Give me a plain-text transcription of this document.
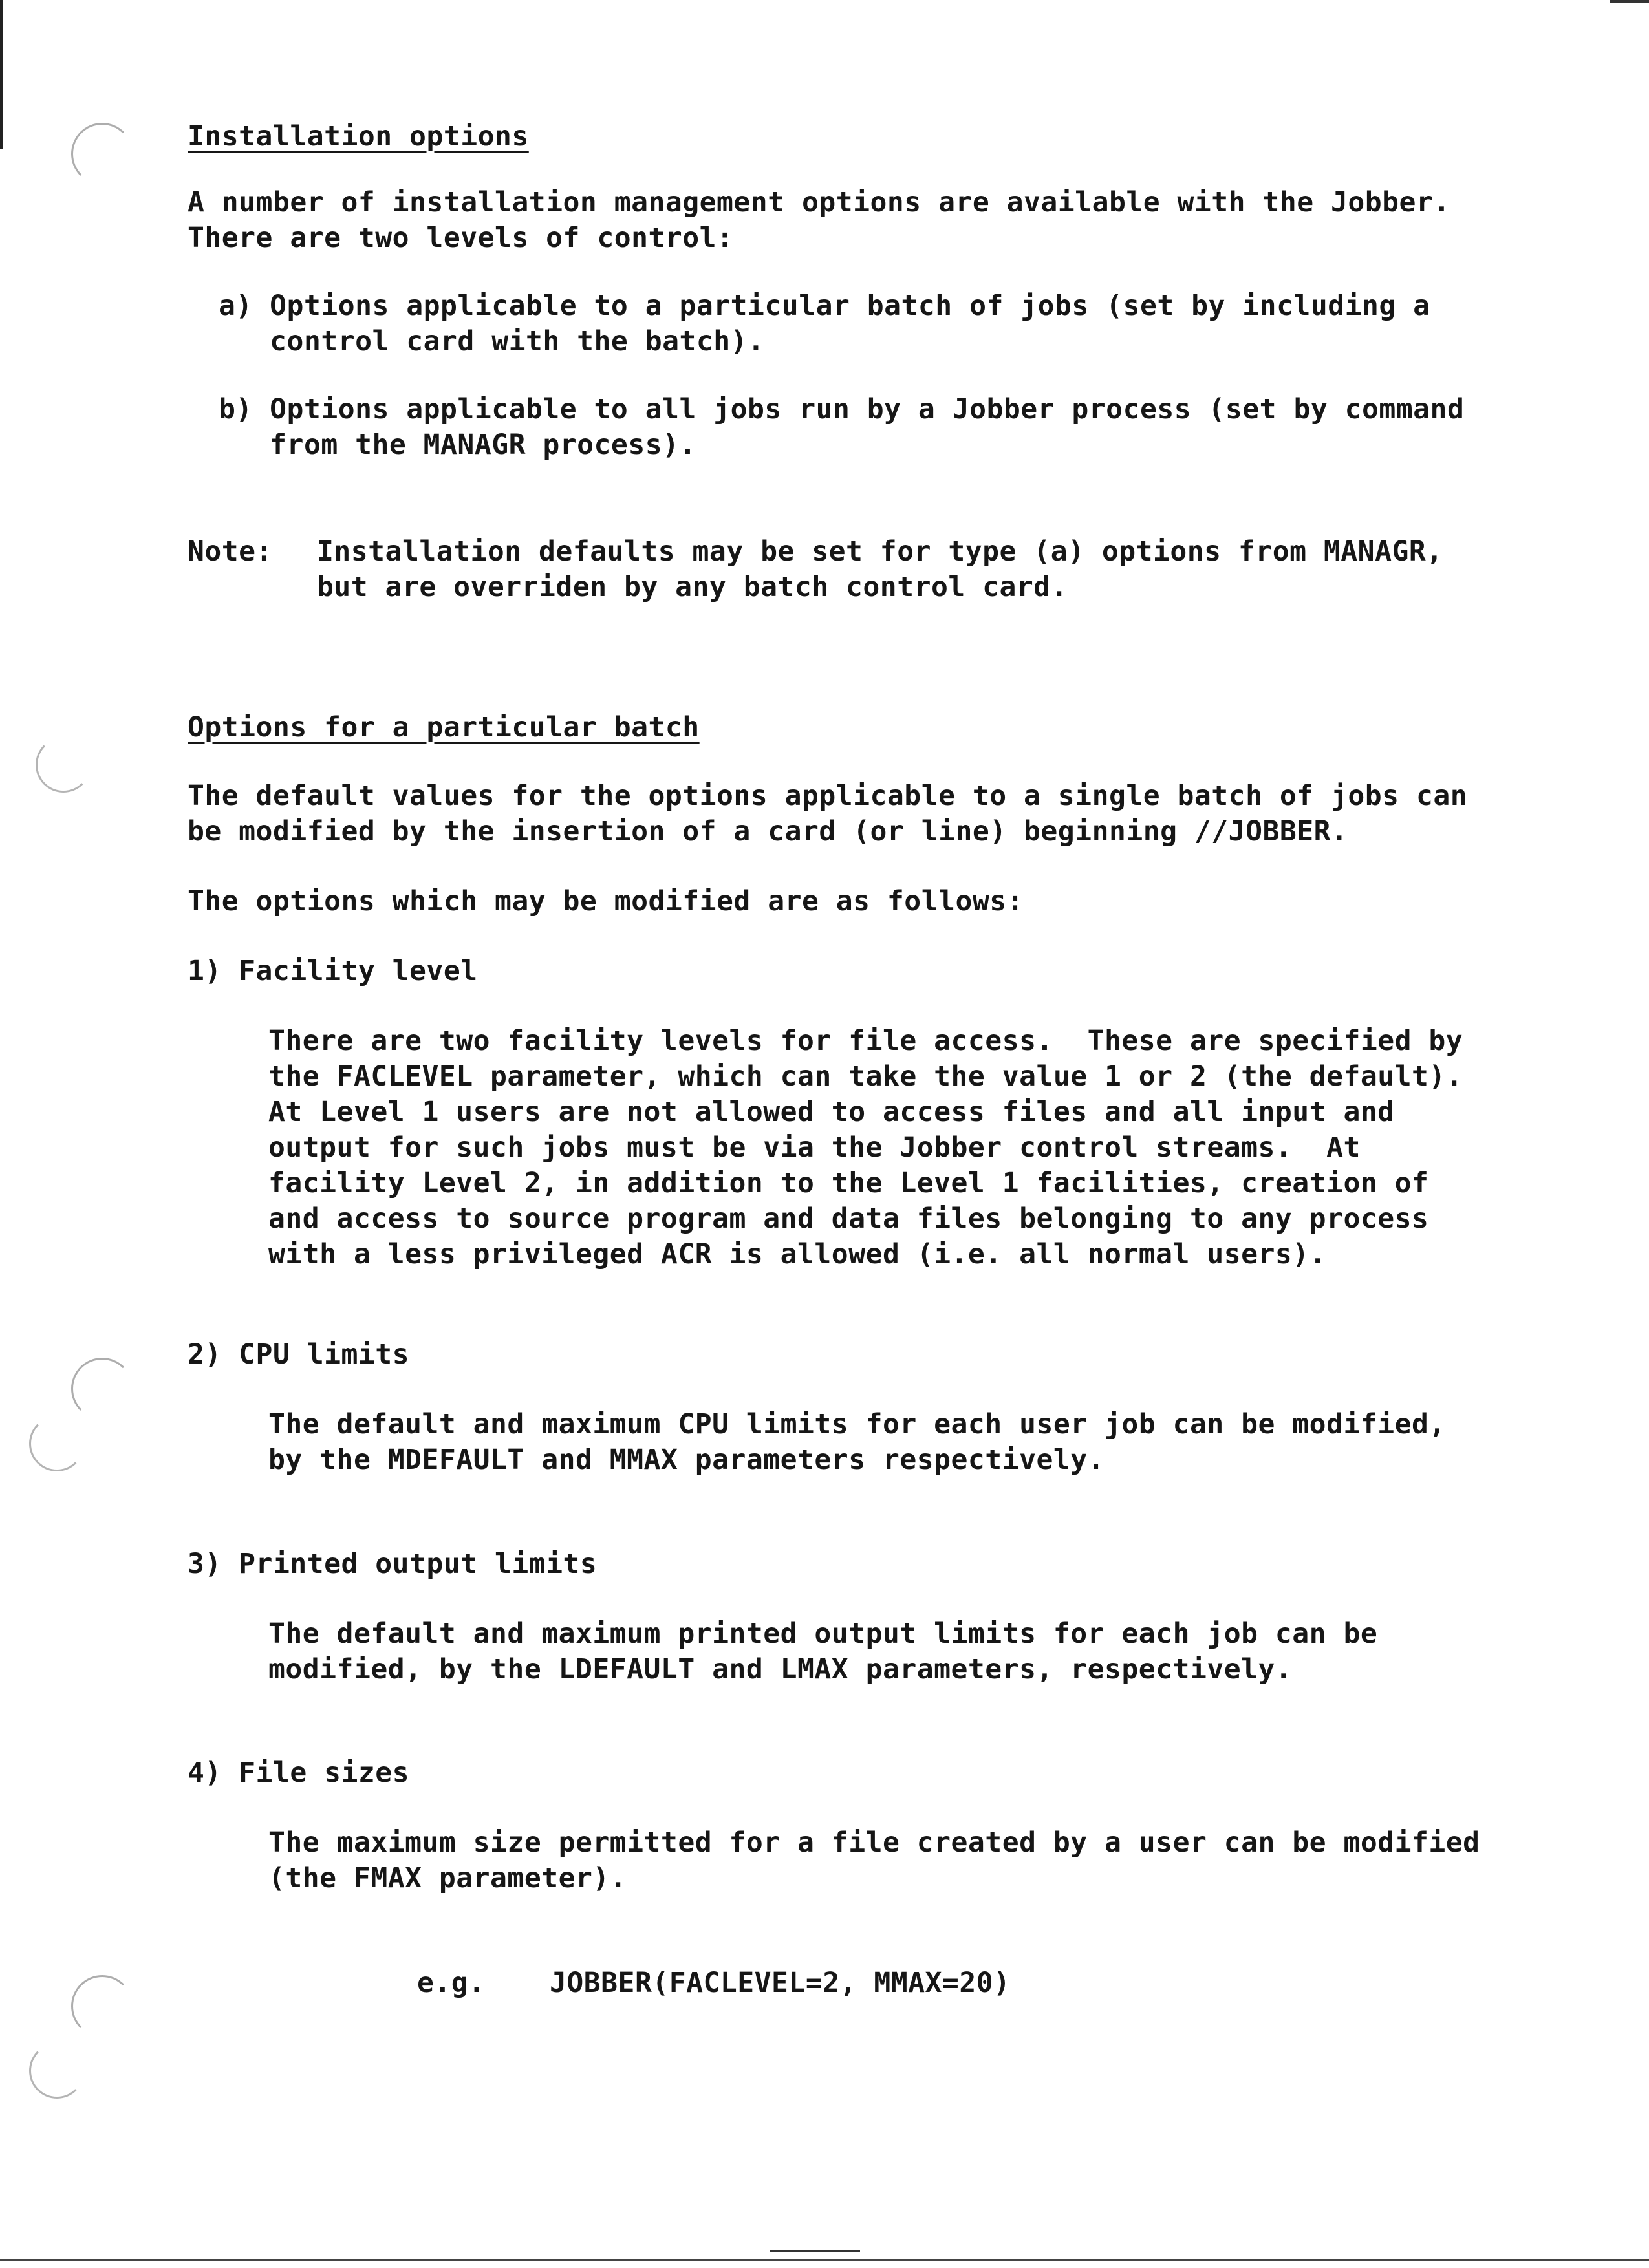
Installation options
A number of installation management options are available with the Jobber.
There are two levels of control:
a) Options applicable to a particular batch of jobs (set by including a
control card with the batch).
b) Options applicable to all jobs run by a Jobber process (set by command
from the MANAGR process).
Note: Installation defaults may be set for type (a) options from MANAGR,
but are overriden by any batch control card.
Options for a particular batch
The default values for the options applicable to a single batch of jobs can
be modified by the insertion of a card (or line) beginning //JOBBER.
The options which may be modified are as follows:
1) Facility level
There are two facility levels for file access.  These are specified by
the FACLEVEL parameter, which can take the value 1 or 2 (the default).
At Level 1 users are not allowed to access files and all input and
output for such jobs must be via the Jobber control streams.  At
facility Level 2, in addition to the Level 1 facilities, creation of
and access to source program and data files belonging to any process
with a less privileged ACR is allowed (i.e. all normal users).
2) CPU limits
The default and maximum CPU limits for each user job can be modified,
by the MDEFAULT and MMAX parameters respectively.
3) Printed output limits
The default and maximum printed output limits for each job can be
modified, by the LDEFAULT and LMAX parameters, respectively.
4) File sizes
The maximum size permitted for a file created by a user can be modified
(the FMAX parameter).
e.g. JOBBER(FACLEVEL=2, MMAX=20)
